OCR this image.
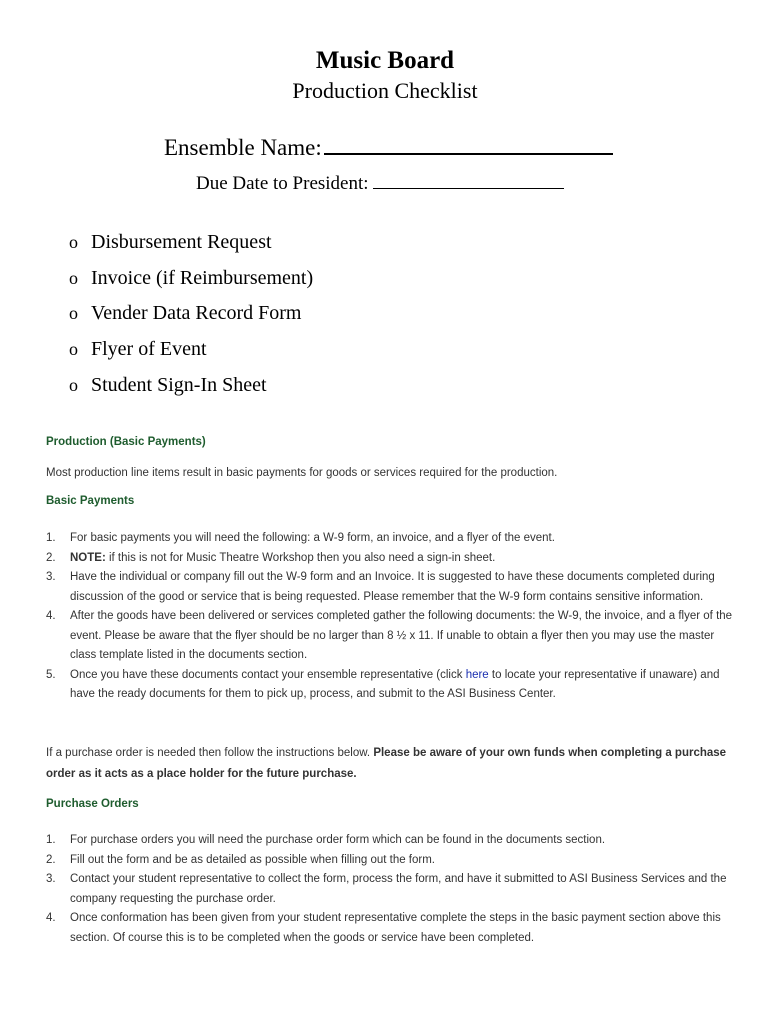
Music Board
Production Checklist
Ensemble Name:
Due Date to President:
o Disbursement Request
o Invoice (if Reimbursement)
o Vender Data Record Form
o Flyer of Event
o Student Sign-In Sheet
Production (Basic Payments)
Most production line items result in basic payments for goods or services required for the production.
Basic Payments
1. For basic payments you will need the following: a W-9 form, an invoice, and a flyer of the event.
2. NOTE: if this is not for Music Theatre Workshop then you also need a sign-in sheet.
3. Have the individual or company fill out the W-9 form and an Invoice. It is suggested to have these documents completed during discussion of the good or service that is being requested. Please remember that the W-9 form contains sensitive information.
4. After the goods have been delivered or services completed gather the following documents: the W-9, the invoice, and a flyer of the event. Please be aware that the flyer should be no larger than 8 ½ x 11. If unable to obtain a flyer then you may use the master class template listed in the documents section.
5. Once you have these documents contact your ensemble representative (click here to locate your representative if unaware) and have the ready documents for them to pick up, process, and submit to the ASI Business Center.
If a purchase order is needed then follow the instructions below. Please be aware of your own funds when completing a purchase order as it acts as a place holder for the future purchase.
Purchase Orders
1. For purchase orders you will need the purchase order form which can be found in the documents section.
2. Fill out the form and be as detailed as possible when filling out the form.
3. Contact your student representative to collect the form, process the form, and have it submitted to ASI Business Services and the company requesting the purchase order.
4. Once conformation has been given from your student representative complete the steps in the basic payment section above this section. Of course this is to be completed when the goods or service have been completed.
